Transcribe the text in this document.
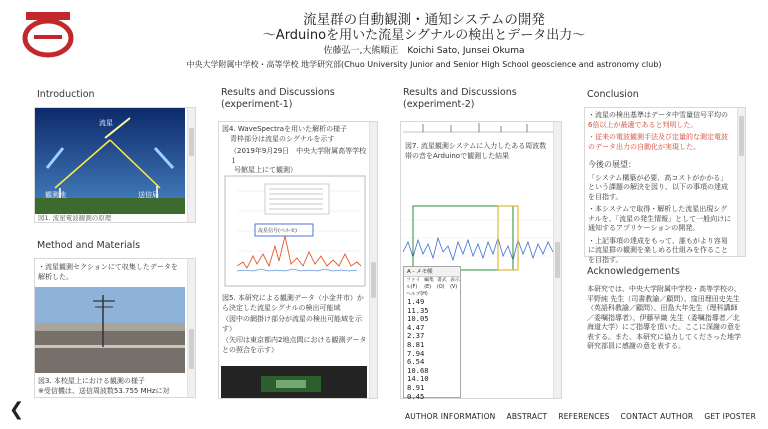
流星群の自動観測・通知システムの開発
〜Arduinoを用いた流星シグナルの検出とデータ出力〜
佐藤弘一,大熊順正　Koichi Sato, Junsei Okuma
中央大学附属中学校・高等学校 地学研究部(Chuo University Junior and Senior High School geoscience and astronomy club)
Introduction
流星
観測地	送信局
図1. 流星電波観測の原理
Method and Materials
・流星観測セクションにて収集したデータを解析した。
図3. 本校屋上における観測の様子
※受信機は、送信周波数53.755 MHzに対
Results and Discussions
(experiment-1)
図4. WaveSpectraを用いた解析の様子
青枠部分は流星のシグナルを示す
（2019年9月29日　中央大学附属高等学校１
号館屋上にて観測）
流星信号(ペルセ)
図5. 本研究による観測データ（小金井市）から決定した流星シグナルの検出可能域
（図中の網掛け部分が流星の検出可能域を示す）
（矢印は東京都内2地点間における観測データとの照合を示す）
Results and Discussions
(experiment-2)
図7. 流星観測システムに入力したある周波数帯の音をArduinoで観測した結果
A - メモ帳
ファイル(F)
編集(E)
書式(O)
表示(V)
ヘルプ(H)
1.49
11.35
10.05
4.47
2.37
8.81
7.94
6.54
10.68
14.10
8.91
0.45
Conclusion
・流星の検出基準はデータ中雪量信号平均の
6倍以上が最適であると判明した。
・従来の電波観測手法及び定量的な測定電波のデータ出力の自動化が実現した。
今後の展望：
「システム構築が必要、高コストがかかる」という課題の解決を図り、以下の事項の達成を目指す。
・本システムで取得・解析した流星出現シグナルを、「流星の発生情報」として一般向けに通知するアプリケーションの開発。
・上記事項の達成をもって、誰もがより容易に流星群の観測を楽しめる仕組みを作ることを目指す。
Acknowledgements
本研究では、中央大学附属中学校・高等学校の、平野純 先生（司書教諭／顧問）、窪田理田史先生（英語科教諭／顧問）、田島大年先生（理科講師／委嘱指導者）、伊藤早織 先生（委嘱指導者／北海道大学）にご指導を頂いた。ここに深謝の意を表する。また、本研究に協力してくださった地学研究部員に感謝の意を表する。
❮	AUTHOR INFORMATION ABSTRACT REFERENCES CONTACT AUTHOR GET IPOSTER
